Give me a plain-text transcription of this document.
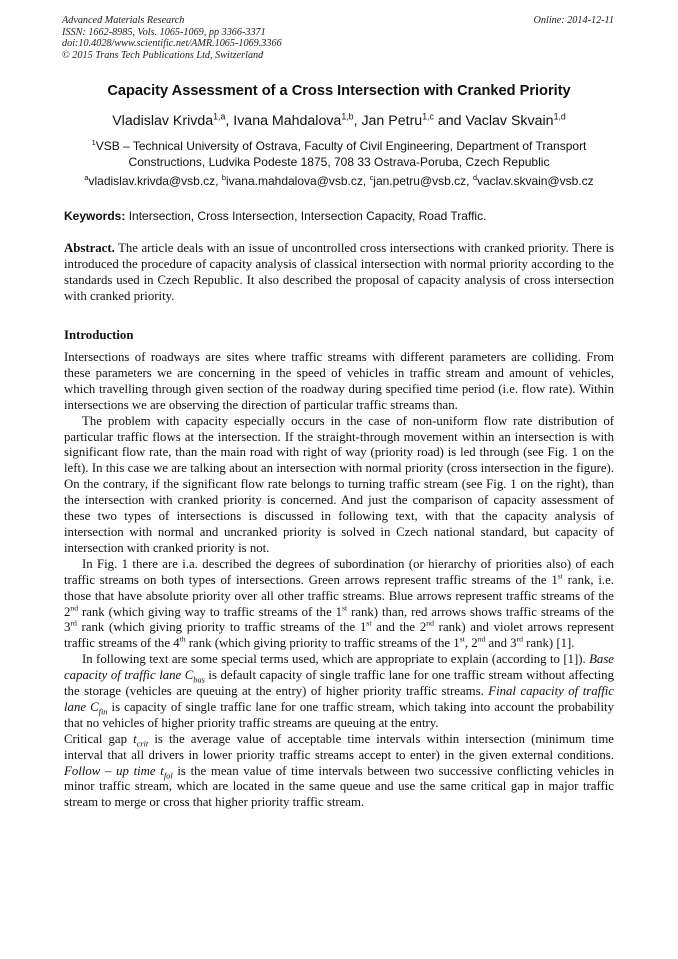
Advanced Materials Research
ISSN: 1662-8985, Vols. 1065-1069, pp 3366-3371
doi:10.4028/www.scientific.net/AMR.1065-1069.3366
© 2015 Trans Tech Publications Ltd, Switzerland
Online: 2014-12-11
Capacity Assessment of a Cross Intersection with Cranked Priority
Vladislav Krivda$^{1,a}$, Ivana Mahdalova$^{1,b}$, Jan Petru$^{1,c}$ and Vaclav Skvain$^{1,d}$
$^1$VSB – Technical University of Ostrava, Faculty of Civil Engineering, Department of Transport
Constructions, Ludvika Podeste 1875, 708 33 Ostrava-Poruba, Czech Republic
$^a$vladislav.krivda@vsb.cz, $^b$ivana.mahdalova@vsb.cz, $^c$jan.petru@vsb.cz, $^d$vaclav.skvain@vsb.cz
Keywords: Intersection, Cross Intersection, Intersection Capacity, Road Traffic.

Abstract. The article deals with an issue of uncontrolled cross intersections with cranked priority. There is introduced the procedure of capacity analysis of classical intersection with normal priority according to the standards used in Czech Republic. It also described the proposal of capacity analysis of cross intersection with cranked priority.

Introduction

Intersections of roadways are sites where traffic streams with different parameters are colliding. From these parameters we are concerning in the speed of vehicles in traffic stream and amount of vehicles, which travelling through given section of the roadway during specified time period (i.e. flow rate). Within intersections we are observing the direction of particular traffic streams than.

The problem with capacity especially occurs in the case of non-uniform flow rate distribution of particular traffic flows at the intersection. If the straight-through movement within an intersection is with significant flow rate, than the main road with right of way (priority road) is led through (see Fig. 1 on the left). In this case we are talking about an intersection with normal priority (cross intersection in the figure). On the contrary, if the significant flow rate belongs to turning traffic stream (see Fig. 1 on the right), than the intersection with cranked priority is concerned. And just the comparison of capacity assessment of these two types of intersections is discussed in following text, with that the capacity analysis of intersection with normal and uncranked priority is solved in Czech national standard, but capacity of intersection with cranked priority is not.

In Fig. 1 there are i.a. described the degrees of subordination (or hierarchy of priorities also) of each traffic streams on both types of intersections. Green arrows represent traffic streams of the 1st rank, i.e. those that have absolute priority over all other traffic streams. Blue arrows represent traffic streams of the 2nd rank (which giving way to traffic streams of the 1st rank) than, red arrows shows traffic streams of the 3rd rank (which giving priority to traffic streams of the 1st and the 2nd rank) and violet arrows represent traffic streams of the 4th rank (which giving priority to traffic streams of the 1st, 2nd and 3rd rank) [1].

In following text are some special terms used, which are appropriate to explain (according to [1]). Base capacity of traffic lane $C_{bas}$ is default capacity of single traffic lane for one traffic stream without affecting the storage (vehicles are queuing at the entry) of higher priority traffic streams. Final capacity of traffic lane $C_{fin}$ is capacity of single traffic lane for one traffic stream, which taking into account the probability that no vehicles of higher priority traffic streams are queuing at the entry.

Critical gap $t_{crit}$ is the average value of acceptable time intervals within intersection (minimum time interval that all drivers in lower priority traffic streams accept to enter) in the given external conditions. Follow – up time $t_{fol}$ is the mean value of time intervals between two successive conflicting vehicles in minor traffic stream, which are located in the same queue and use the same critical gap in major traffic stream to merge or cross that higher priority traffic stream.
